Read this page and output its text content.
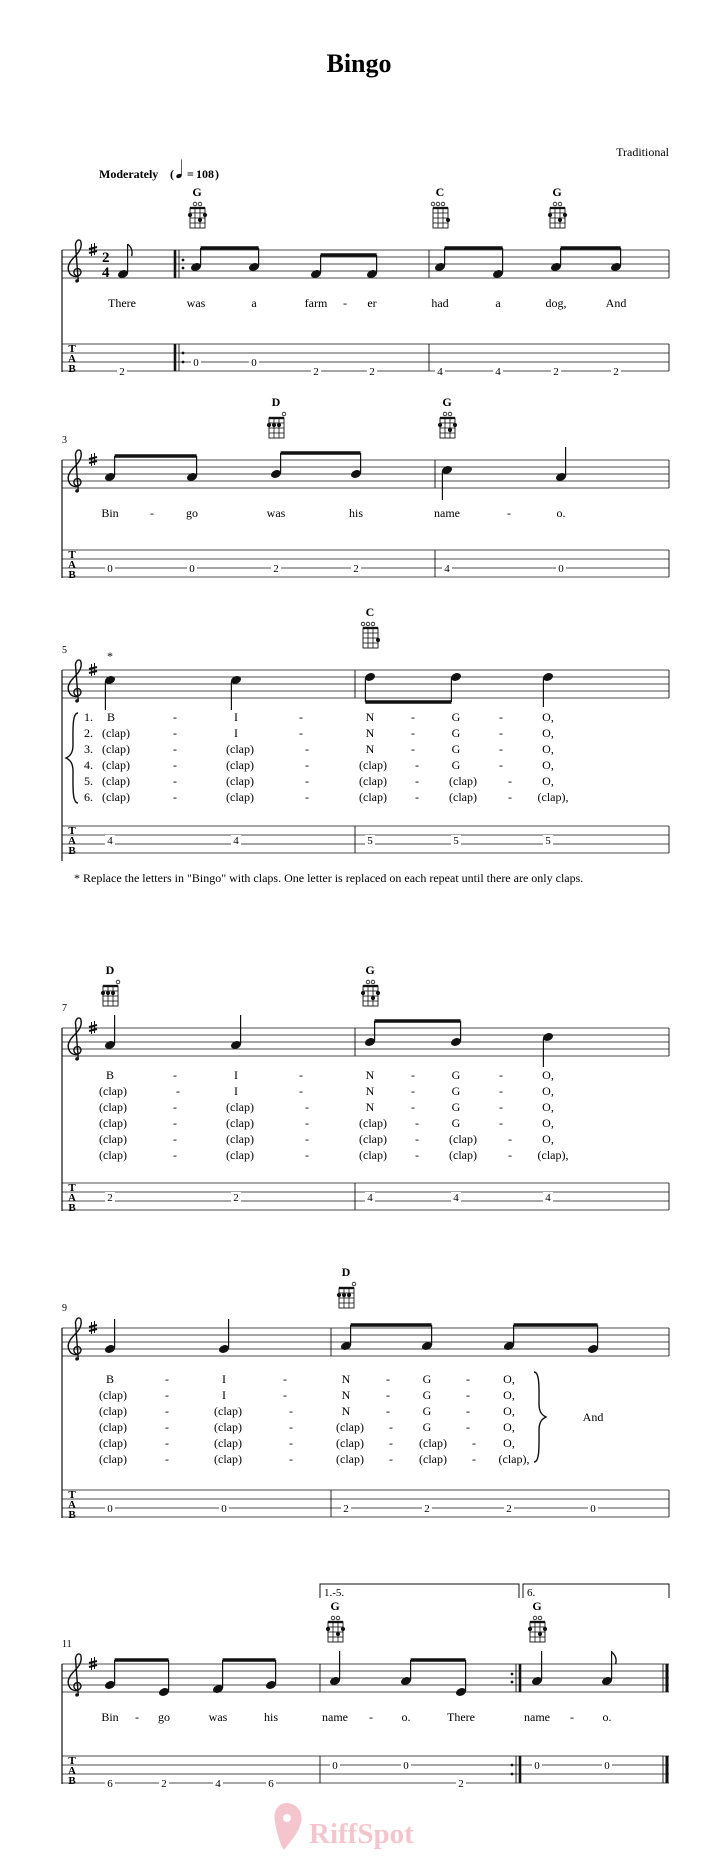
Bingo
Traditional
Moderately ( = 108 )
2
4
G	C	G
There	was	a	farm - er	had	a	dog,	And
T
A
B	2
0	0
2	2	4	4	2	2
3
D	G
Bin	-	go	was	his	name	-	o.
T
A
B	0	0	2	2	4	0
5	*
C
1.
2.
3.
4.
5.
6.
B	-	I	-	N	-	G	-	O,
(clap)	-	I	-	N	-	G	-	O,
(clap)	-	(clap)	-	N	-	G	-	O,
(clap)	-	(clap)	-	(clap) -	G	-	O,
(clap)	-	(clap)	-	(clap) -	(clap)	-	O,
(clap)	-	(clap)	-	(clap) -	(clap)	- (clap),
T
A
B
4	4	5	5	5
* Replace the letters in "Bingo" with claps. One letter is replaced on each repeat until there are only claps.
7
D	G
B	-	I	-	N	-	G	-	O,
(clap)	-	I	-	N	-	G	-	O,
(clap)	-	(clap)	-	N	-	G	-	O,
(clap)	-	(clap)	-	(clap) -	G	-	O,
(clap)	-	(clap)	-	(clap) -	(clap)	-	O,
(clap)	-	(clap)	-	(clap) -	(clap)	- (clap),
T
A
B
2	2	4	4	4
9
D
B	-	I	-	N	-	G	-	O,
(clap)	-	I	-	N	-	G	-	O,
(clap)	-	(clap)	-	N	-	G	-	O,
(clap)	-	(clap)	-	(clap) - G	-	O,
(clap)	-	(clap)	-	(clap) - (clap) - O,
(clap)	-	(clap)	-	(clap) - (clap) - (clap),
And
T
A
B	0	0	2	2	2	0
11
1.-5.	6.
G	G
Bin - go	was	his	name - o.	There	name - o.
T
A
B	6	2	4	6
0	0
2
0	0
RiffSpot
